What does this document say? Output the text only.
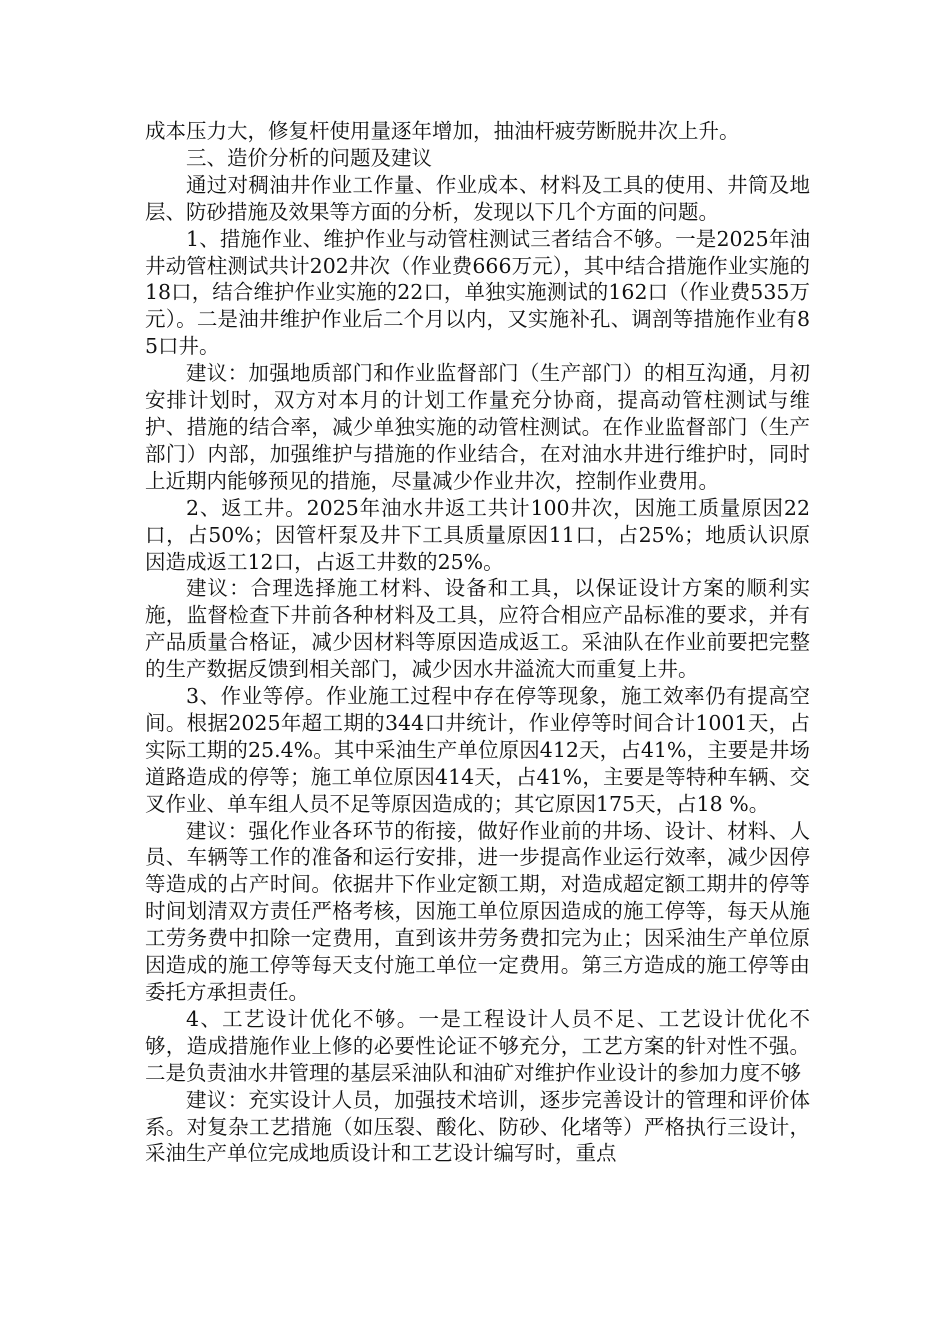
成本压力大，修复杆使用量逐年增加，抽油杆疲劳断脱井次上升。

三、造价分析的问题及建议

通过对稠油井作业工作量、作业成本、材料及工具的使用、井筒及地层、防砂措施及效果等方面的分析，发现以下几个方面的问题。

1、措施作业、维护作业与动管柱测试三者结合不够。一是2025年油井动管柱测试共计202井次（作业费666万元），其中结合措施作业实施的18口，结合维护作业实施的22口，单独实施测试的162口（作业费535万元）。二是油井维护作业后二个月以内，又实施补孔、调剖等措施作业有85口井。

建议：加强地质部门和作业监督部门（生产部门）的相互沟通，月初安排计划时，双方对本月的计划工作量充分协商，提高动管柱测试与维护、措施的结合率，减少单独实施的动管柱测试。在作业监督部门（生产部门）内部，加强维护与措施的作业结合，在对油水井进行维护时，同时上近期内能够预见的措施，尽量减少作业井次，控制作业费用。

2、返工井。2025年油水井返工共计100井次，因施工质量原因22口，占50%；因管杆泵及井下工具质量原因11口，占25%；地质认识原因造成返工12口，占返工井数的25%。

建议：合理选择施工材料、设备和工具，以保证设计方案的顺利实施，监督检查下井前各种材料及工具，应符合相应产品标准的要求，并有产品质量合格证，减少因材料等原因造成返工。采油队在作业前要把完整的生产数据反馈到相关部门，减少因水井溢流大而重复上井。

3、作业等停。作业施工过程中存在停等现象，施工效率仍有提高空间。根据2025年超工期的344口井统计，作业停等时间合计1001天，占实际工期的25.4%。其中采油生产单位原因412天，占41%，主要是井场道路造成的停等；施工单位原因414天，占41%，主要是等特种车辆、交叉作业、单车组人员不足等原因造成的；其它原因175天，占18 %。

建议：强化作业各环节的衔接，做好作业前的井场、设计、材料、人员、车辆等工作的准备和运行安排，进一步提高作业运行效率，减少因停等造成的占产时间。依据井下作业定额工期，对造成超定额工期井的停等时间划清双方责任严格考核，因施工单位原因造成的施工停等，每天从施工劳务费中扣除一定费用，直到该井劳务费扣完为止；因采油生产单位原因造成的施工停等每天支付施工单位一定费用。第三方造成的施工停等由委托方承担责任。

4、工艺设计优化不够。一是工程设计人员不足、工艺设计优化不够，造成措施作业上修的必要性论证不够充分，工艺方案的针对性不强。二是负责油水井管理的基层采油队和油矿对维护作业设计的参加力度不够

建议：充实设计人员，加强技术培训，逐步完善设计的管理和评价体系。对复杂工艺措施（如压裂、酸化、防砂、化堵等）严格执行三设计，采油生产单位完成地质设计和工艺设计编写时，重点
